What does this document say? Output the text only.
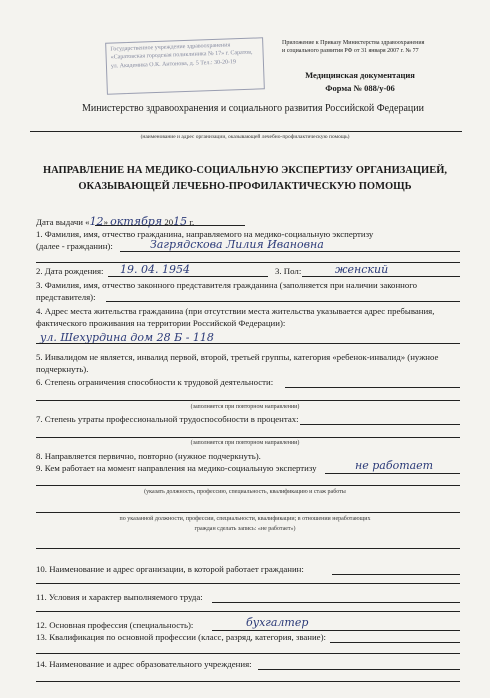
Государственное учреждение здравоохранения «Саратовская городская поликлиника № 17» г. Саратов, ул. Академика О.К. Антонова, д. 5 Тел.: 30-20-19
Приложение к Приказу Министерства здравоохранения
и социального развития РФ от 31 января 2007 г. № 77
Медицинская документация
Форма № 088/у-06
Министерство здравоохранения и социального развития Российской Федерации
(наименование и адрес организации, оказывающей лечебно-профилактическую помощь)
НАПРАВЛЕНИЕ НА МЕДИКО-СОЦИАЛЬНУЮ ЭКСПЕРТИЗУ ОРГАНИЗАЦИЕЙ,
ОКАЗЫВАЮЩЕЙ ЛЕЧЕБНО-ПРОФИЛАКТИЧЕСКУЮ ПОМОЩЬ
Дата выдачи «12» октября 2015 г.
1. Фамилия, имя, отчество гражданина, направляемого на медико-социальную экспертизу
(далее - гражданин):	Загрядскова Лилия Ивановна
2. Дата рождения: 19. 04. 1954	3. Пол:	женский
3. Фамилия, имя, отчество законного представителя гражданина (заполняется при наличии законного
представителя):
4. Адрес места жительства гражданина (при отсутствии места жительства указывается адрес пребывания,
фактического проживания на территории Российской Федерации):
ул. Шехурдина дом 28 Б - 118
5. Инвалидом не является, инвалид первой, второй, третьей группы, категория «ребенок-инвалид» (нужное
подчеркнуть).
6. Степень ограничения способности к трудовой деятельности:
(заполняется при повторном направлении)
7. Степень утраты профессиональной трудоспособности в процентах:
(заполняется при повторном направлении)
8. Направляется первично, повторно (нужное подчеркнуть).
9. Кем работает на момент направления на медико-социальную экспертизу	не работает
(указать должность, профессию, специальность, квалификацию и стаж работы
по указанной должности, профессии, специальности, квалификации; в отношении неработающих
граждан сделать запись: «не работает»)
10. Наименование и адрес организации, в которой работает гражданин:
11. Условия и характер выполняемого труда:
12. Основная профессия (специальность):	бухгалтер
13. Квалификация по основной профессии (класс, разряд, категория, звание):
14. Наименование и адрес образовательного учреждения:
